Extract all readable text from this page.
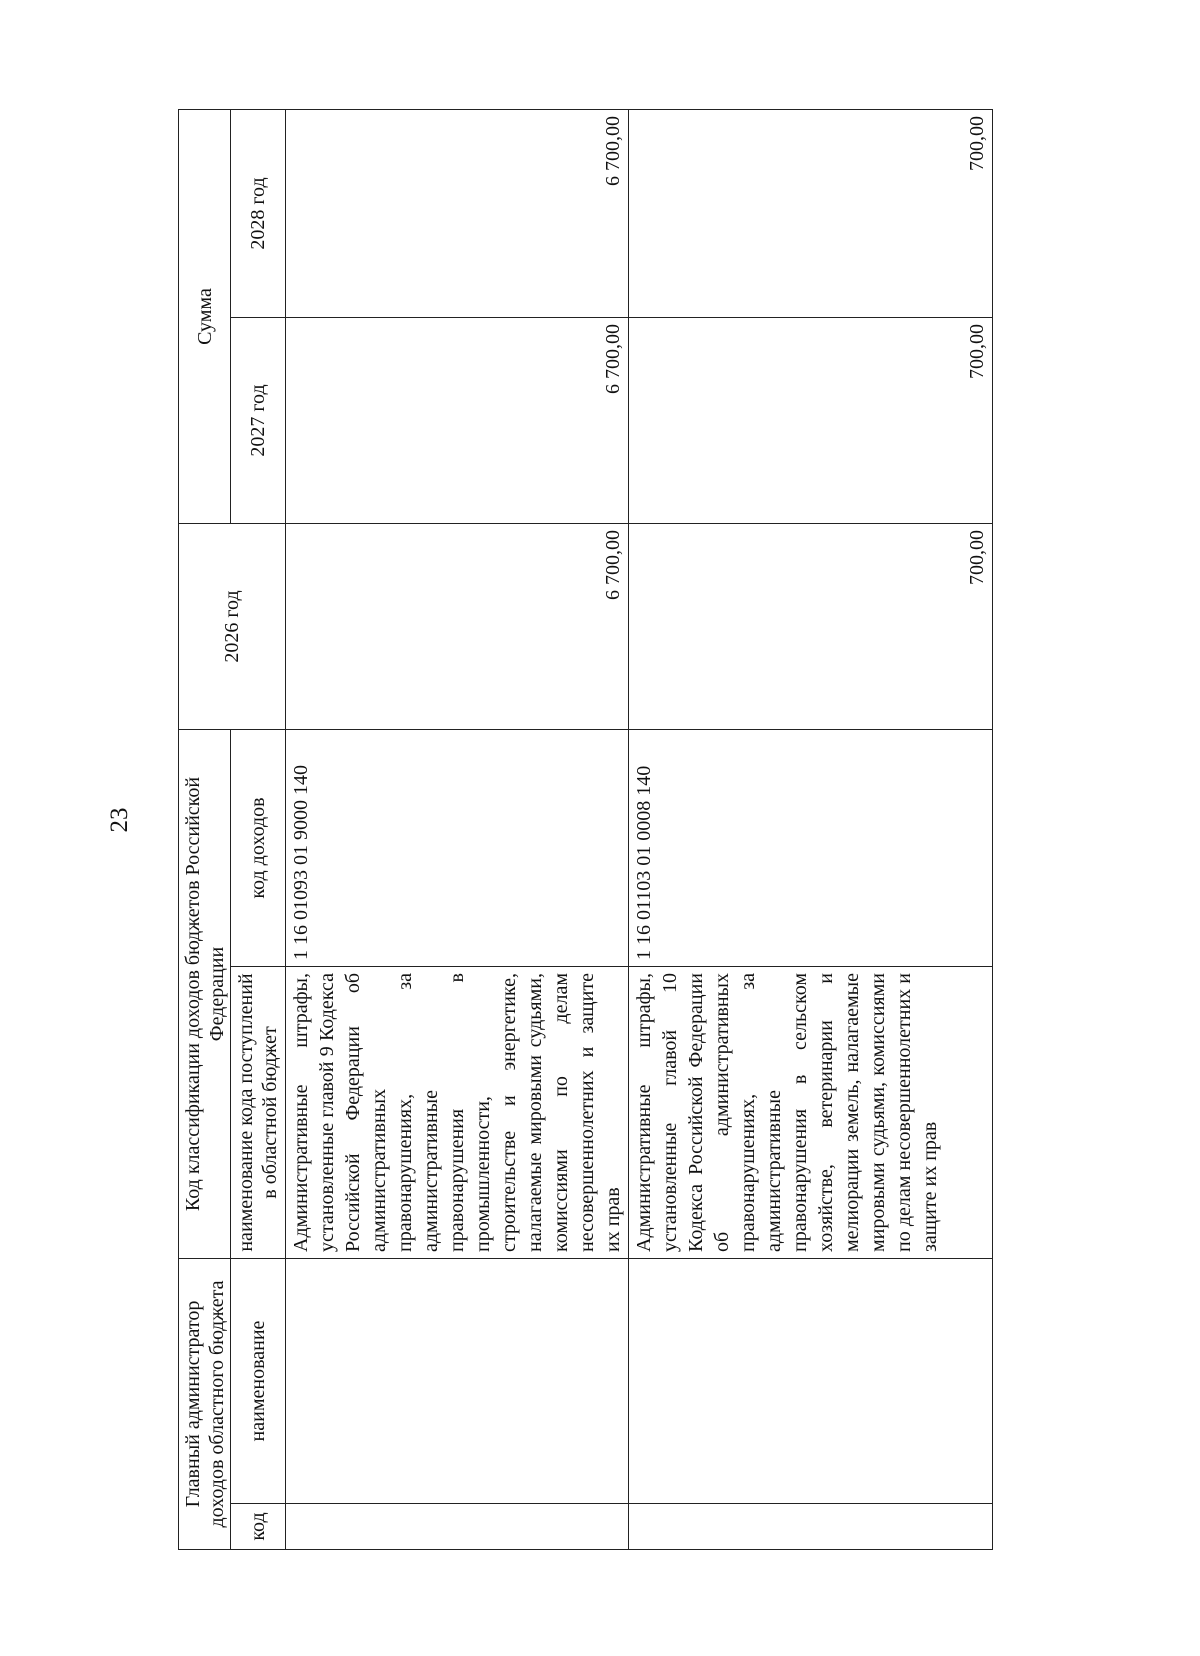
23
Главный администратор доходов областного бюджета		Код классификации доходов бюджетов Российской Федерации		2026 год	Сумма	
код	наименование	наименование кода поступлений в областной бюджет	код доходов		2027 год	2028 год
		Административные штрафы, установленные главой 9 Кодекса Российской Федерации об административных правонарушениях, за административные правонарушения в промышленности, строительстве и энергетике, налагаемые мировыми судьями, комиссиями по делам несовершеннолетних и защите их прав	1 16 01093 01 9000 140	6 700,00	6 700,00	6 700,00
		Административные штрафы, установленные главой 10 Кодекса Российской Федерации об административных правонарушениях, за административные правонарушения в сельском хозяйстве, ветеринарии и мелиорации земель, налагаемые мировыми судьями, комиссиями по делам несовершеннолетних и защите их прав	1 16 01103 01 0008 140	700,00	700,00	700,00
